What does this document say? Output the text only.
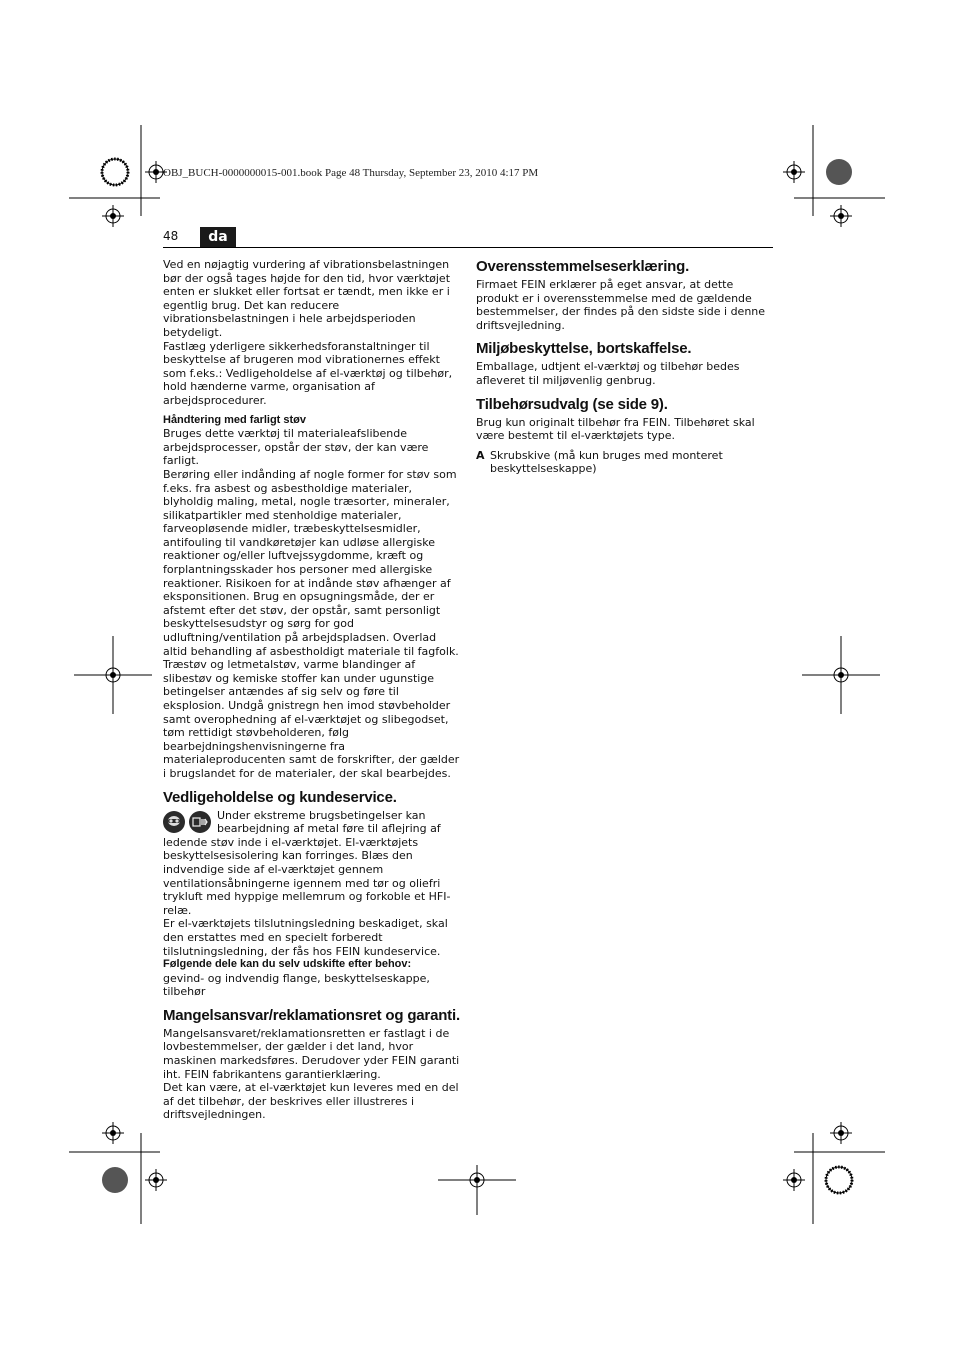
OBJ_BUCH-0000000015-001.book Page 48 Thursday, September 23, 2010 4:17 PM
48	da

Ved en nøjagtig vurdering af vibrationsbelastningen bør der også tages højde for den tid, hvor værktøjet enten er slukket eller fortsat er tændt, men ikke er i egentlig brug. Det kan reducere vibrationsbelastningen i hele arbejdsperioden betydeligt.

Fastlæg yderligere sikkerhedsforanstaltninger til beskyttelse af brugeren mod vibrationernes effekt som f.eks.: Vedligeholdelse af el-værktøj og tilbehør, hold hænderne varme, organisation af arbejdsprocedurer.

Håndtering med farligt støv

Bruges dette værktøj til materialeafslibende arbejdsprocesser, opstår der støv, der kan være farligt.

Berøring eller indånding af nogle former for støv som f.eks. fra asbest og asbestholdige materialer, blyholdig maling, metal, nogle træsorter, mineraler, silikatpartikler med stenholdige materialer, farveopløsende midler, træbeskyttelsesmidler, antifouling til vandkøretøjer kan udløse allergiske reaktioner og/eller luftvejssygdomme, kræft og forplantningsskader hos personer med allergiske reaktioner. Risikoen for at indånde støv afhænger af eksponsitionen. Brug en opsugningsmåde, der er afstemt efter det støv, der opstår, samt personligt beskyttelsesudstyr og sørg for god udluftning/ventilation på arbejdspladsen. Overlad altid behandling af asbestholdigt materiale til fagfolk.

Træstøv og letmetalstøv, varme blandinger af slibestøv og kemiske stoffer kan under ugunstige betingelser antændes af sig selv og føre til eksplosion. Undgå gnistregn hen imod støvbeholder samt overophedning af el-værktøjet og slibegodset, tøm rettidigt støvbeholderen, følg bearbejdningshenvisningerne fra materialeproducenten samt de forskrifter, der gælder i brugslandet for de materialer, der skal bearbejdes.

Vedligeholdelse og kundeservice.

Under ekstreme brugsbetingelser kan bearbejdning af metal føre til aflejring af ledende støv inde i el-værktøjet. El-værktøjets beskyttelsesisolering kan forringes. Blæs den indvendige side af el-værktøjet gennem ventilationsåbningerne igennem med tør og oliefri trykluft med hyppige mellemrum og forkoble et HFI-relæ.

Er el-værktøjets tilslutningsledning beskadiget, skal den erstattes med en specielt forberedt tilslutningsledning, der fås hos FEIN kundeservice.

Følgende dele kan du selv udskifte efter behov:

gevind- og indvendig flange, beskyttelseskappe, tilbehør

Mangelsansvar/reklamationsret og garanti.

Mangelsansvaret/reklamationsretten er fastlagt i de lovbestemmelser, der gælder i det land, hvor maskinen markedsføres. Derudover yder FEIN garanti iht. FEIN fabrikantens garantierklæring.

Det kan være, at el-værktøjet kun leveres med en del af det tilbehør, der beskrives eller illustreres i driftsvejledningen.

Overensstemmelseserklæring.

Firmaet FEIN erklærer på eget ansvar, at dette produkt er i overensstemmelse med de gældende bestemmelser, der findes på den sidste side i denne driftsvejledning.

Miljøbeskyttelse, bortskaffelse.

Emballage, udtjent el-værktøj og tilbehør bedes afleveret til miljøvenlig genbrug.

Tilbehørsudvalg (se side 9).

Brug kun originalt tilbehør fra FEIN. Tilbehøret skal være bestemt til el-værktøjets type.

A Skrubskive (må kun bruges med monteret beskyttelseskappe)
